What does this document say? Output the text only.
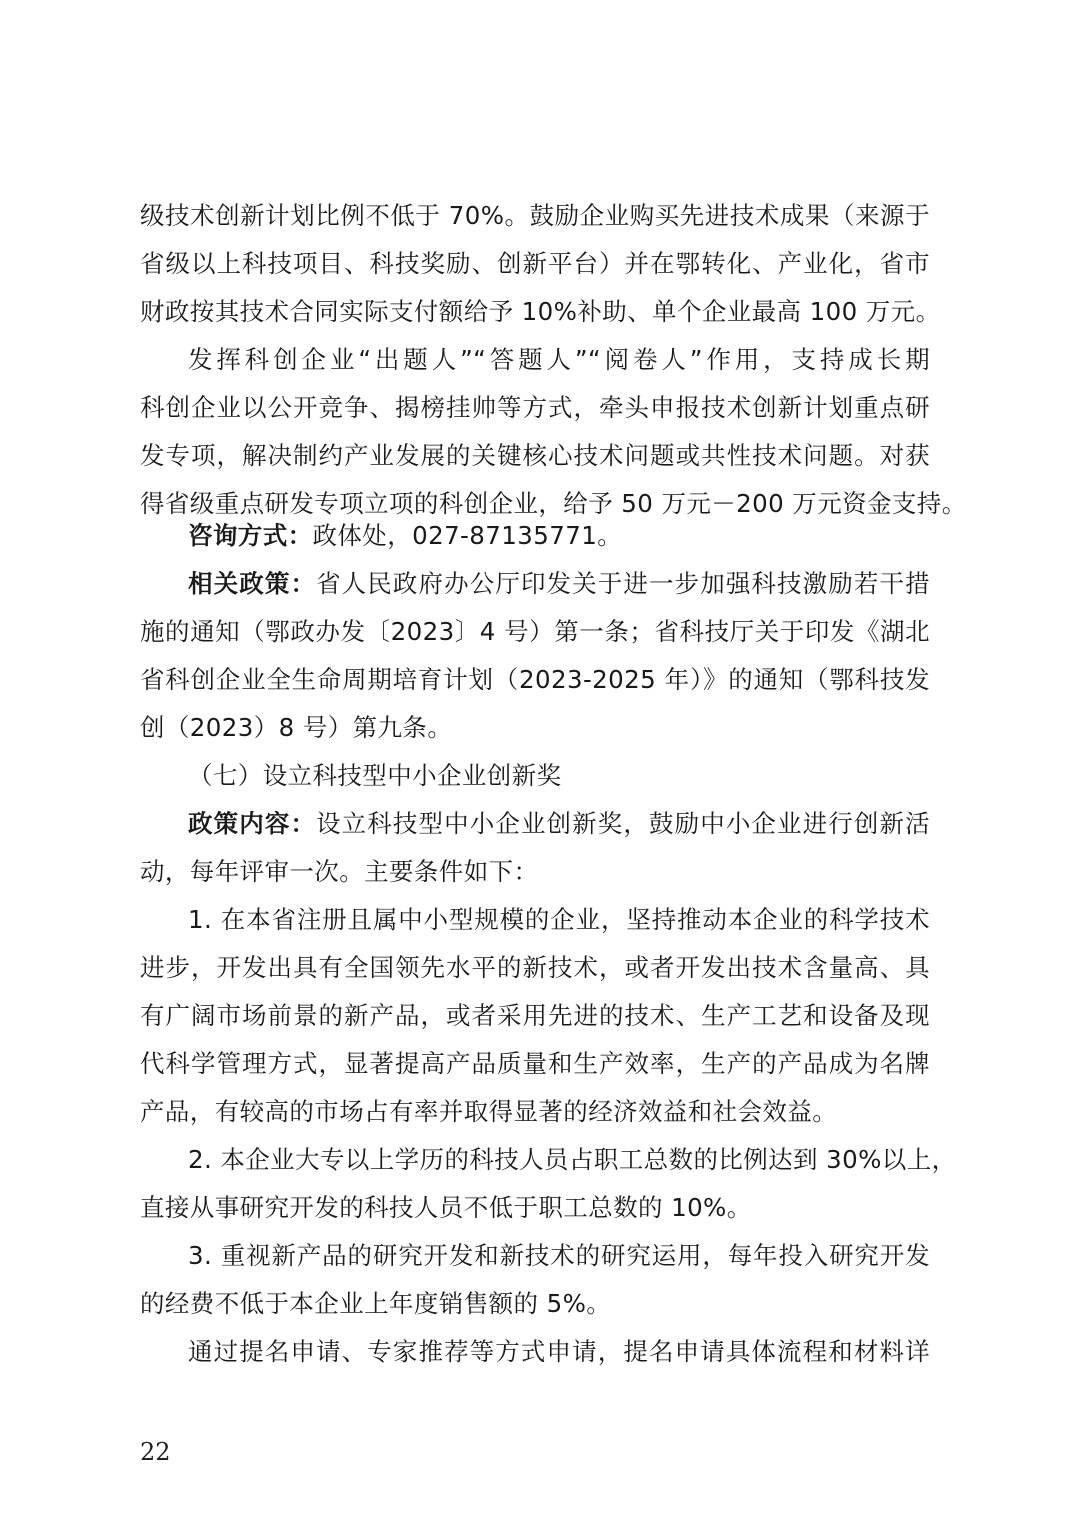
级技术创新计划比例不低于 70%。鼓励企业购买先进技术成果（来源于
省级以上科技项目、科技奖励、创新平台）并在鄂转化、产业化，省市
财政按其技术合同实际支付额给予 10%补助、单个企业最高 100 万元。
发挥科创企业“出题人”“答题人”“阅卷人”作用，支持成长期
科创企业以公开竞争、揭榜挂帅等方式，牵头申报技术创新计划重点研
发专项，解决制约产业发展的关键核心技术问题或共性技术问题。对获
得省级重点研发专项立项的科创企业，给予 50 万元－200 万元资金支持。
咨询方式：政体处，027-87135771。
相关政策：省人民政府办公厅印发关于进一步加强科技激励若干措
施的通知（鄂政办发〔2023〕4 号）第一条；省科技厅关于印发《湖北
省科创企业全生命周期培育计划（2023-2025 年）》的通知（鄂科技发
创（2023）8 号）第九条。
（七）设立科技型中小企业创新奖
政策内容：设立科技型中小企业创新奖，鼓励中小企业进行创新活
动，每年评审一次。主要条件如下：
1. 在本省注册且属中小型规模的企业，坚持推动本企业的科学技术
进步，开发出具有全国领先水平的新技术，或者开发出技术含量高、具
有广阔市场前景的新产品，或者采用先进的技术、生产工艺和设备及现
代科学管理方式，显著提高产品质量和生产效率，生产的产品成为名牌
产品，有较高的市场占有率并取得显著的经济效益和社会效益。
2. 本企业大专以上学历的科技人员占职工总数的比例达到 30%以上，
直接从事研究开发的科技人员不低于职工总数的 10%。
3. 重视新产品的研究开发和新技术的研究运用，每年投入研究开发
的经费不低于本企业上年度销售额的 5%。
通过提名申请、专家推荐等方式申请，提名申请具体流程和材料详
22
